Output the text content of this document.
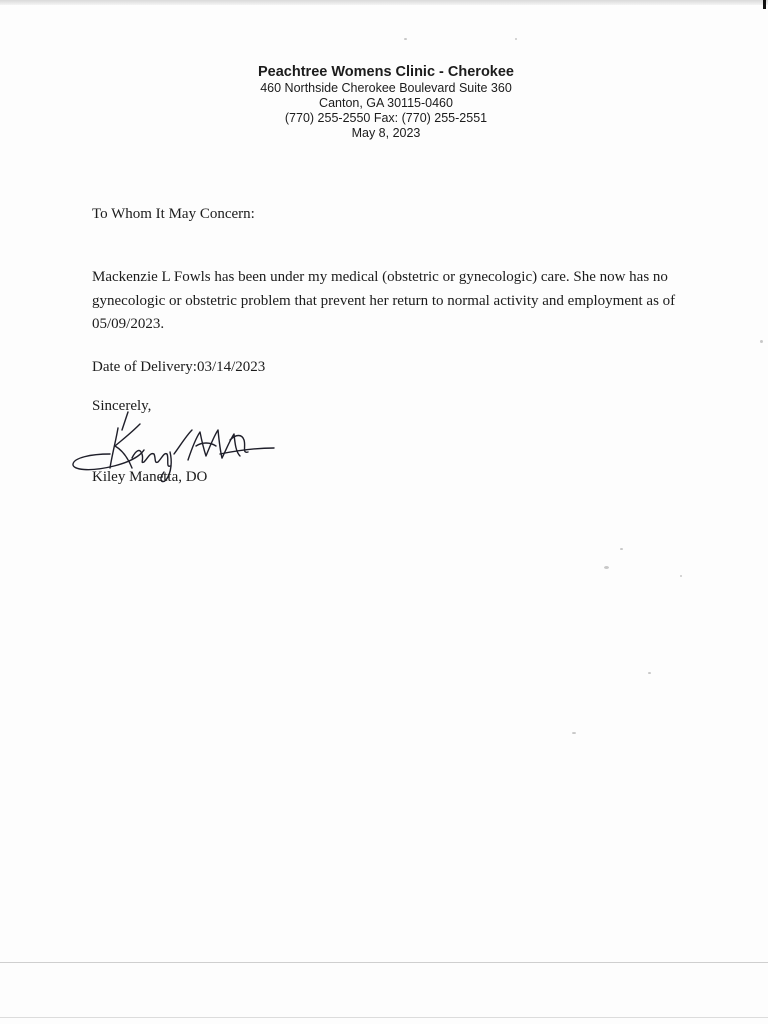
Peachtree Womens Clinic - Cherokee
460 Northside Cherokee Boulevard Suite 360
Canton, GA 30115-0460
(770) 255-2550 Fax: (770) 255-2551
May 8, 2023
To Whom It May Concern:
Mackenzie L Fowls has been under my medical (obstetric or gynecologic) care. She now has no gynecologic or obstetric problem that prevent her return to normal activity and employment as of 05/09/2023.
Date of Delivery:03/14/2023
Sincerely,
Kiley Manetta, DO
